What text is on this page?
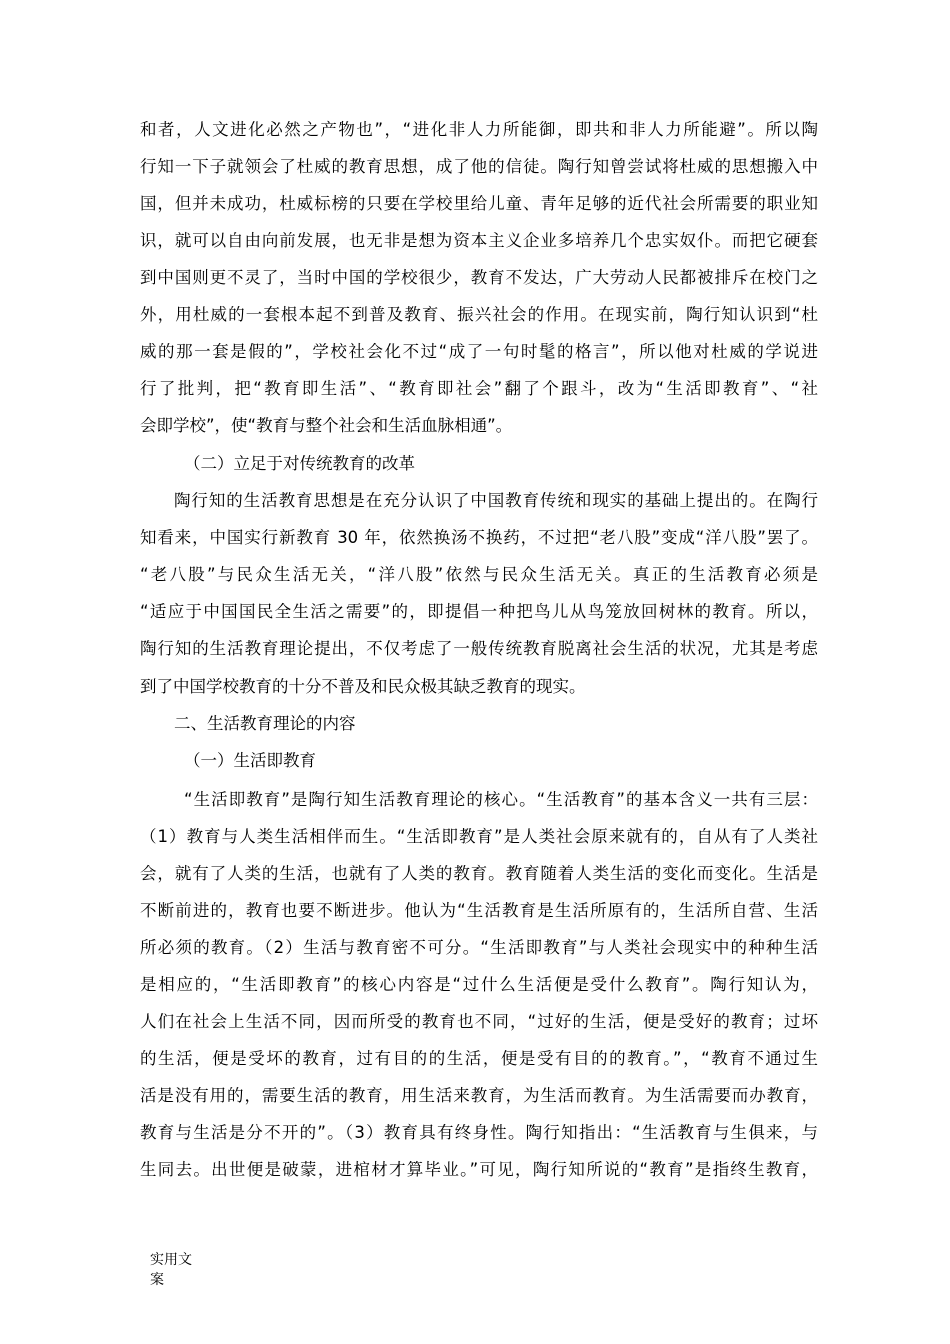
和者，人文进化必然之产物也”，“进化非人力所能御，即共和非人力所能避”。所以陶
行知一下子就领会了杜威的教育思想，成了他的信徒。陶行知曾尝试将杜威的思想搬入中
国，但并未成功，杜威标榜的只要在学校里给儿童、青年足够的近代社会所需要的职业知
识，就可以自由向前发展，也无非是想为资本主义企业多培养几个忠实奴仆。而把它硬套
到中国则更不灵了，当时中国的学校很少，教育不发达，广大劳动人民都被排斥在校门之
外，用杜威的一套根本起不到普及教育、振兴社会的作用。在现实前，陶行知认识到“杜
威的那一套是假的”，学校社会化不过“成了一句时髦的格言”，所以他对杜威的学说进
行了批判，把“教育即生活”、“教育即社会”翻了个跟斗，改为“生活即教育”、“社
会即学校”，使“教育与整个社会和生活血脉相通”。
（二）立足于对传统教育的改革
陶行知的生活教育思想是在充分认识了中国教育传统和现实的基础上提出的。在陶行
知看来，中国实行新教育 30 年，依然换汤不换药，不过把“老八股”变成“洋八股”罢了。
“老八股”与民众生活无关，“洋八股”依然与民众生活无关。真正的生活教育必须是
“适应于中国国民全生活之需要”的，即提倡一种把鸟儿从鸟笼放回树林的教育。所以，
陶行知的生活教育理论提出，不仅考虑了一般传统教育脱离社会生活的状况，尤其是考虑
到了中国学校教育的十分不普及和民众极其缺乏教育的现实。
二、生活教育理论的内容
（一）生活即教育
“生活即教育”是陶行知生活教育理论的核心。“生活教育”的基本含义一共有三层：
（1）教育与人类生活相伴而生。“生活即教育”是人类社会原来就有的，自从有了人类社
会，就有了人类的生活，也就有了人类的教育。教育随着人类生活的变化而变化。生活是
不断前进的，教育也要不断进步。他认为“生活教育是生活所原有的，生活所自营、生活
所必须的教育。（2）生活与教育密不可分。“生活即教育”与人类社会现实中的种种生活
是相应的，“生活即教育”的核心内容是“过什么生活便是受什么教育”。陶行知认为，
人们在社会上生活不同，因而所受的教育也不同，“过好的生活，便是受好的教育；过坏
的生活，便是受坏的教育，过有目的的生活，便是受有目的的教育。”，“教育不通过生
活是没有用的，需要生活的教育，用生活来教育，为生活而教育。为生活需要而办教育，
教育与生活是分不开的”。（3）教育具有终身性。陶行知指出：“生活教育与生俱来，与
生同去。出世便是破蒙，进棺材才算毕业。”可见，陶行知所说的“教育”是指终生教育，
实用文
案
